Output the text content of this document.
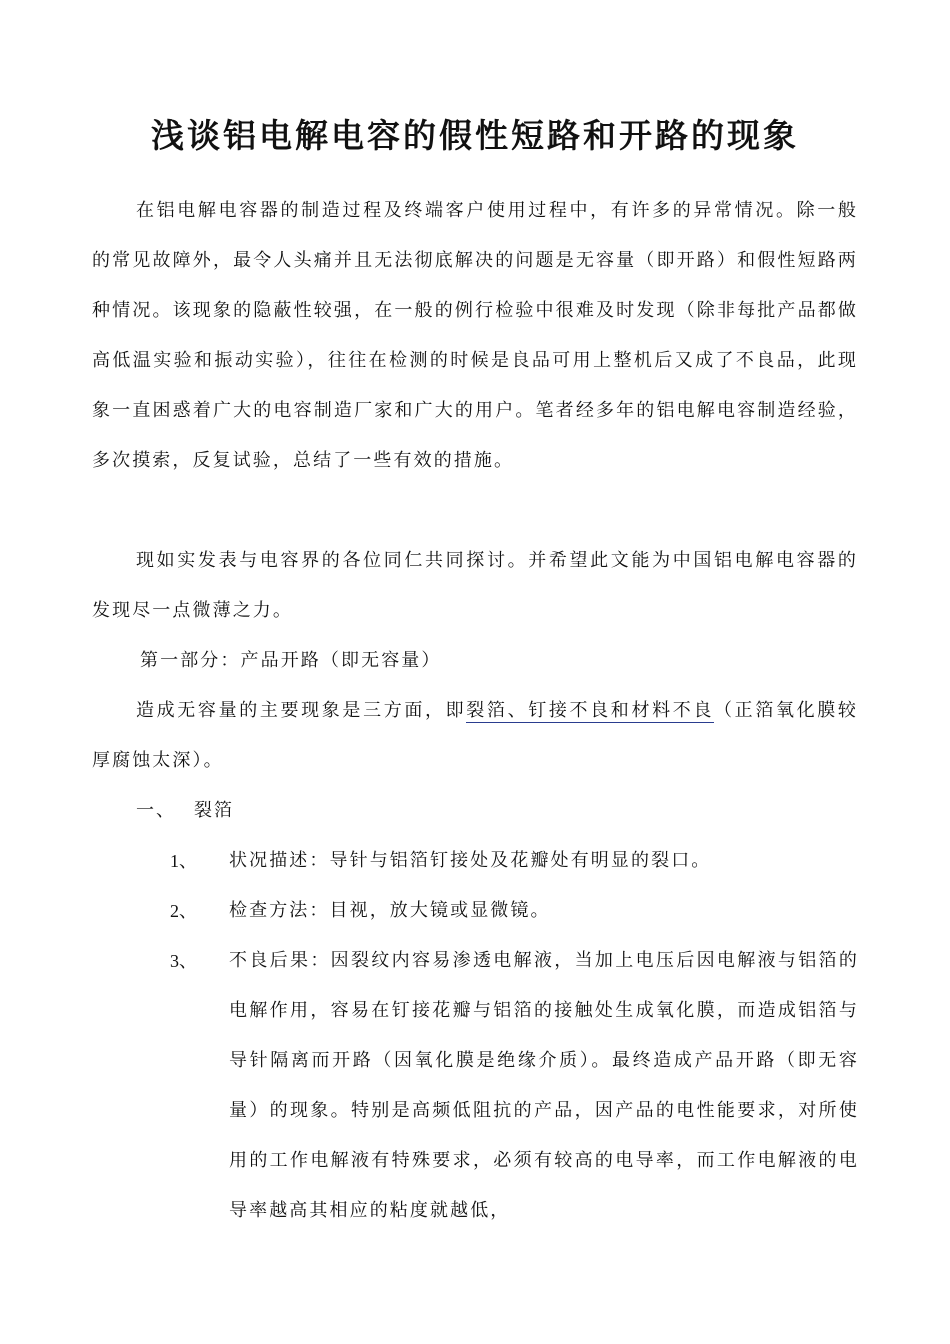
浅谈铝电解电容的假性短路和开路的现象

在铝电解电容器的制造过程及终端客户使用过程中，有许多的异常情况。除一般的常见故障外，最令人头痛并且无法彻底解决的问题是无容量（即开路）和假性短路两种情况。该现象的隐蔽性较强，在一般的例行检验中很难及时发现（除非每批产品都做高低温实验和振动实验），往往在检测的时候是良品可用上整机后又成了不良品，此现象一直困惑着广大的电容制造厂家和广大的用户。笔者经多年的铝电解电容制造经验，多次摸索，反复试验，总结了一些有效的措施。

现如实发表与电容界的各位同仁共同探讨。并希望此文能为中国铝电解电容器的发现尽一点微薄之力。

第一部分：产品开路（即无容量）

造成无容量的主要现象是三方面，即裂箔、钉接不良和材料不良（正箔氧化膜较厚腐蚀太深）。

一、 裂箔

1、 状况描述：导针与铝箔钉接处及花瓣处有明显的裂口。

2、 检查方法：目视，放大镜或显微镜。

3、 不良后果：因裂纹内容易渗透电解液，当加上电压后因电解液与铝箔的电解作用，容易在钉接花瓣与铝箔的接触处生成氧化膜，而造成铝箔与导针隔离而开路（因氧化膜是绝缘介质）。最终造成产品开路（即无容量）的现象。特别是高频低阻抗的产品，因产品的电性能要求，对所使用的工作电解液有特殊要求，必须有较高的电导率，而工作电解液的电导率越高其相应的粘度就越低，
